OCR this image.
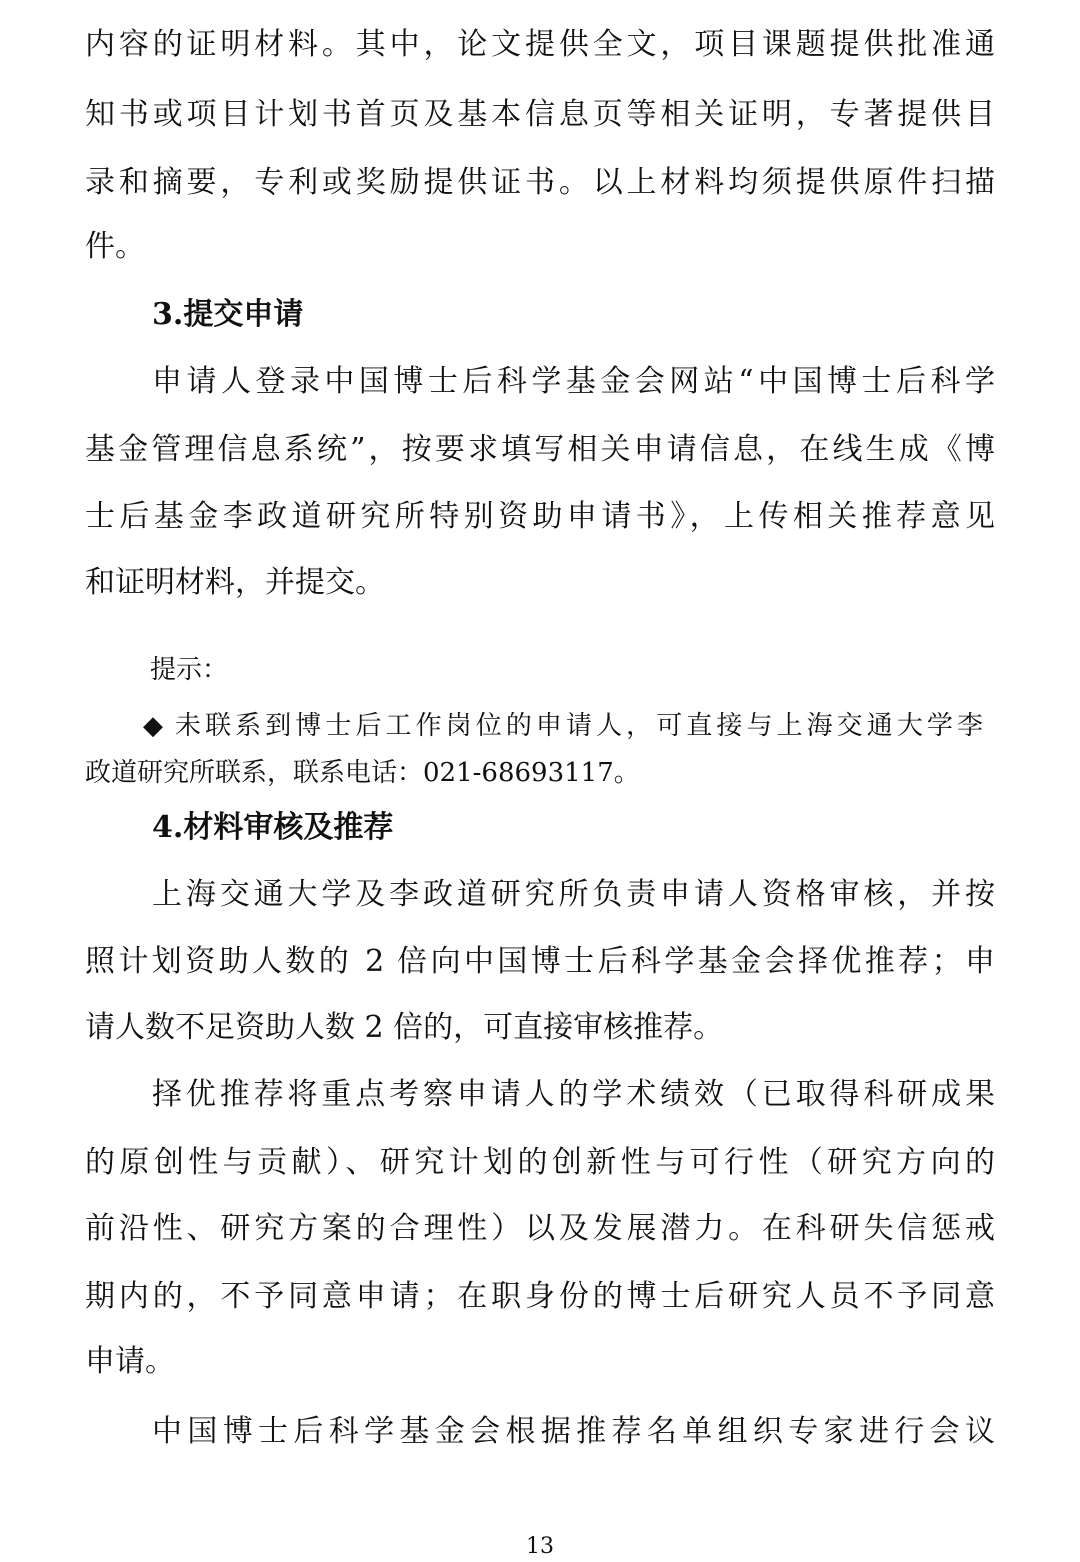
内容的证明材料。其中，论文提供全文，项目课题提供批准通
知书或项目计划书首页及基本信息页等相关证明，专著提供目
录和摘要，专利或奖励提供证书。以上材料均须提供原件扫描
件。
3.提交申请
申请人登录中国博士后科学基金会网站“中国博士后科学
基金管理信息系统”，按要求填写相关申请信息，在线生成《博
士后基金李政道研究所特别资助申请书》，上传相关推荐意见
和证明材料，并提交。
提示：
◆ 未联系到博士后工作岗位的申请人，可直接与上海交通大学李
政道研究所联系，联系电话：021-68693117。
4.材料审核及推荐
上海交通大学及李政道研究所负责申请人资格审核，并按
照计划资助人数的 2 倍向中国博士后科学基金会择优推荐；申
请人数不足资助人数 2 倍的，可直接审核推荐。
择优推荐将重点考察申请人的学术绩效（已取得科研成果
的原创性与贡献）、研究计划的创新性与可行性（研究方向的
前沿性、研究方案的合理性）以及发展潜力。在科研失信惩戒
期内的，不予同意申请；在职身份的博士后研究人员不予同意
申请。
中国博士后科学基金会根据推荐名单组织专家进行会议
13
